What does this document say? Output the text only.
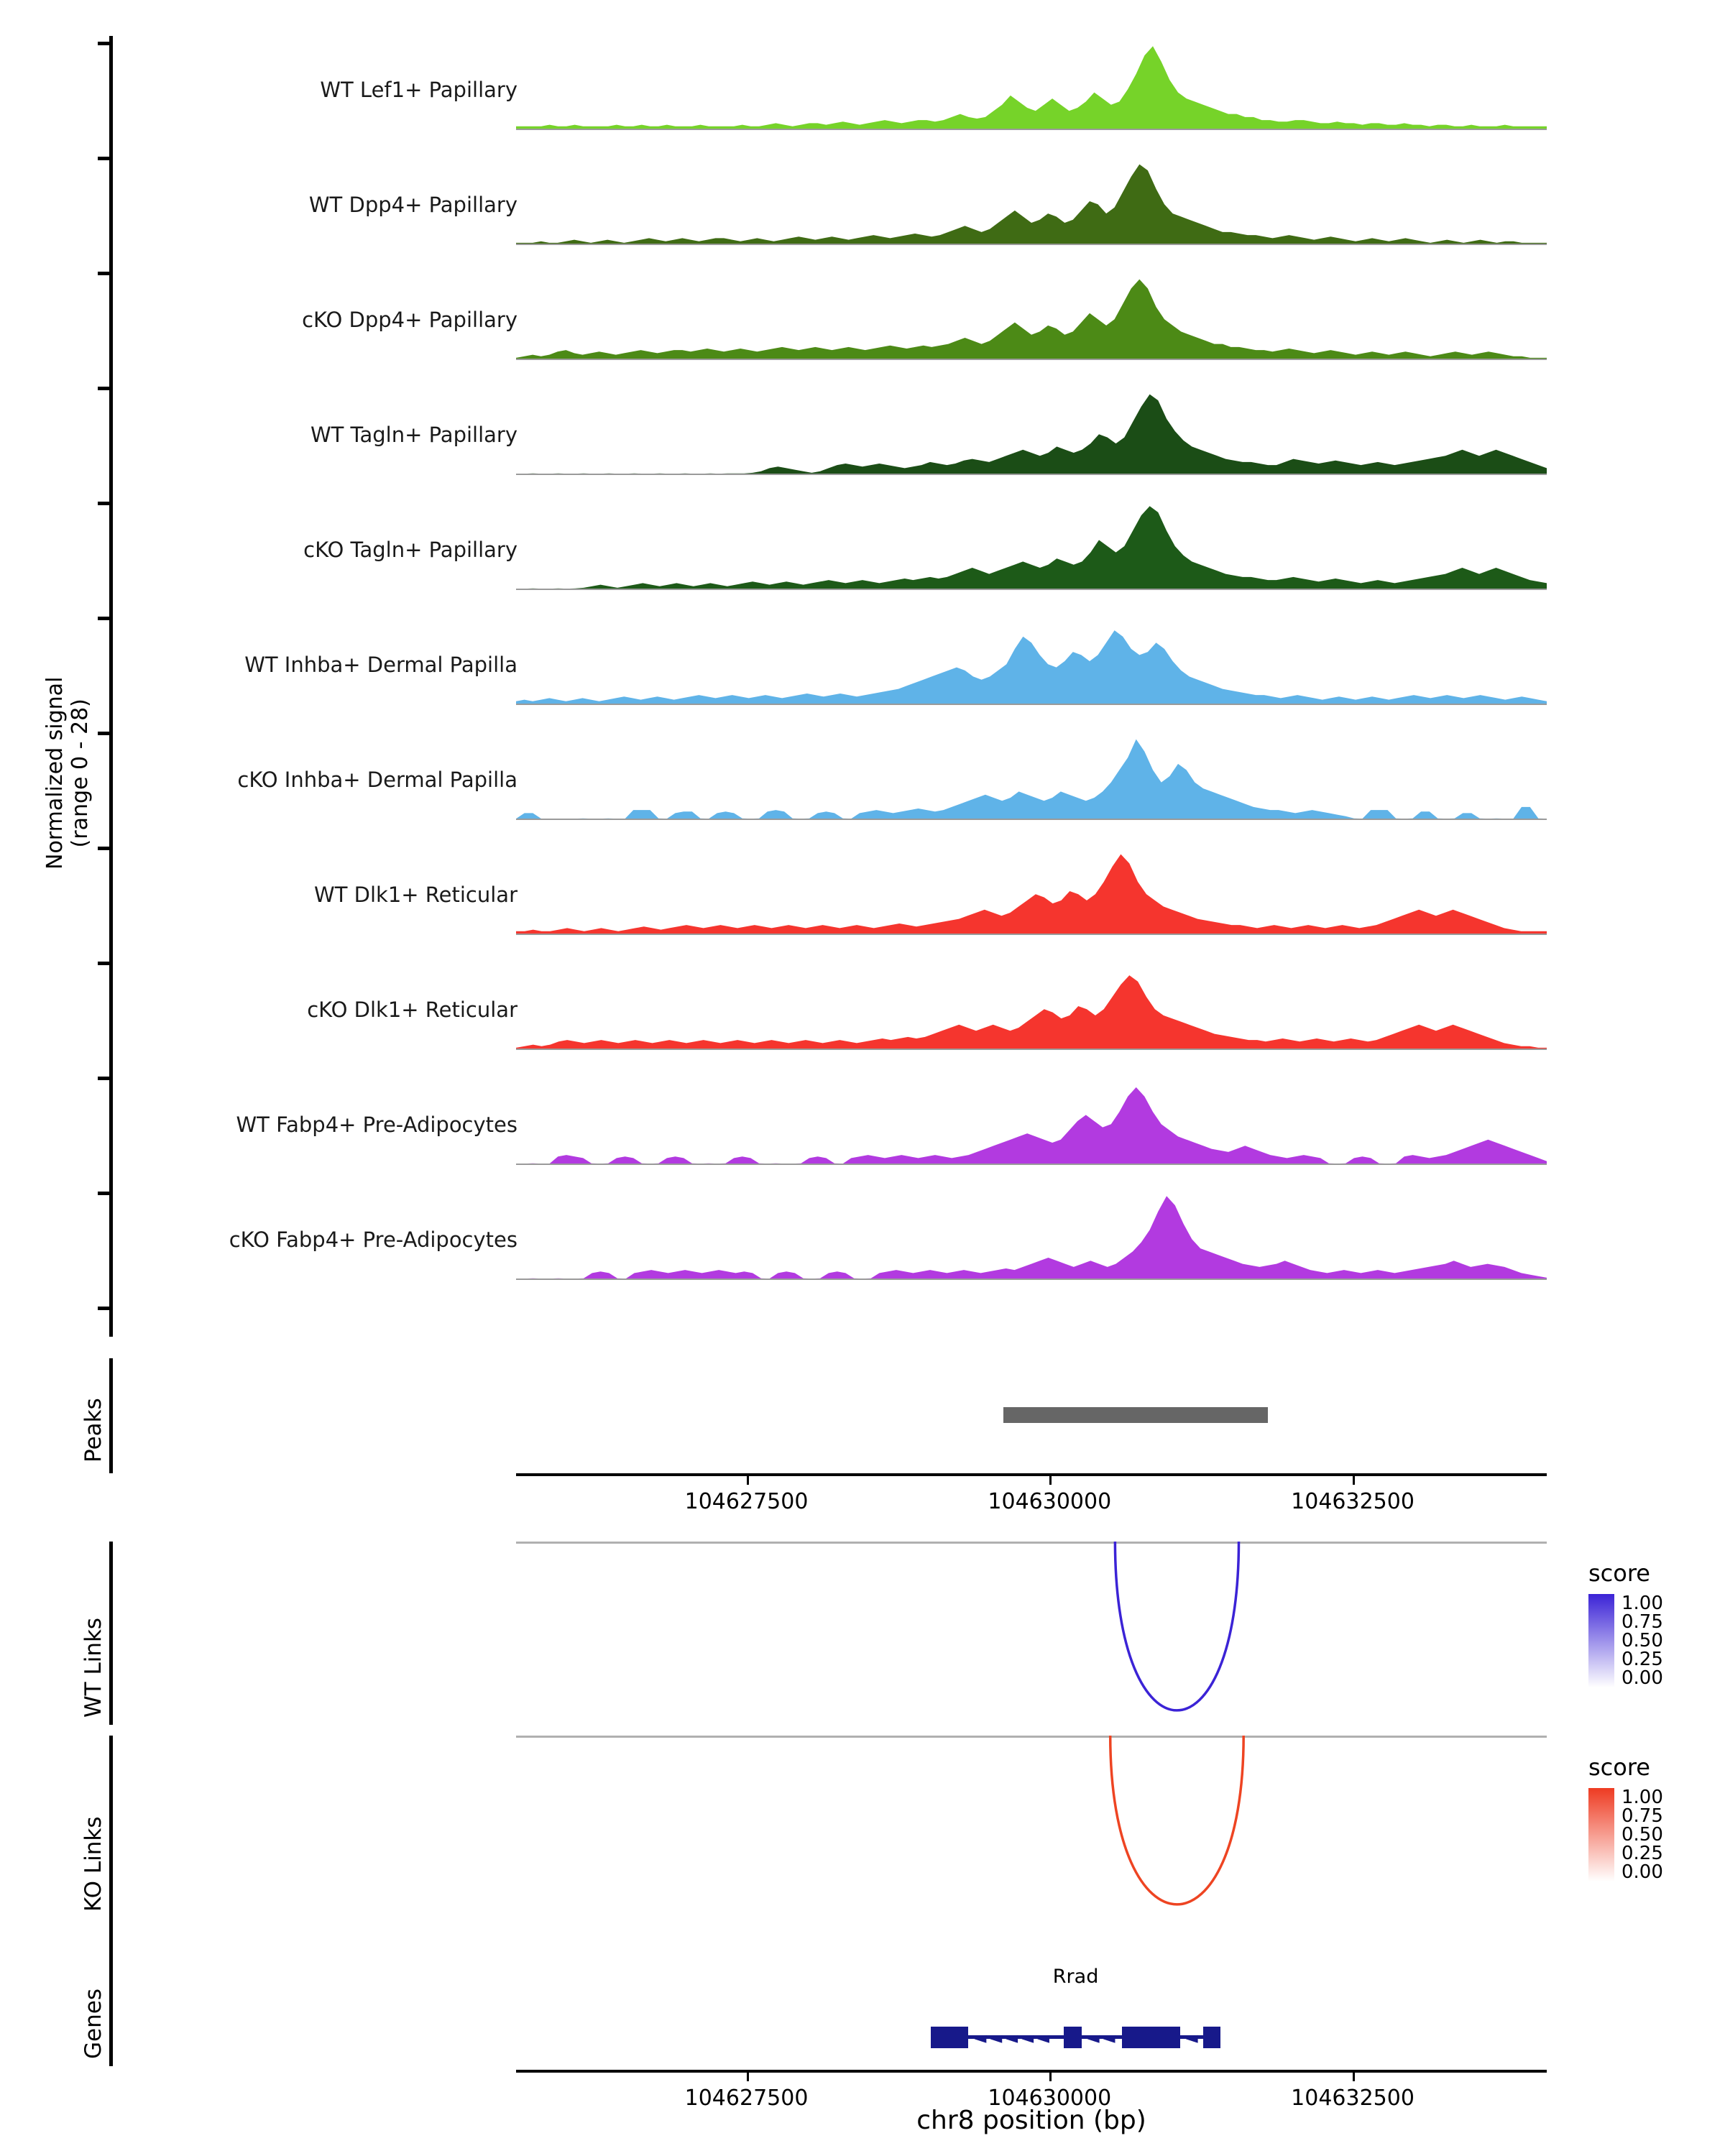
Normalized signal
(range 0 - 28)
WT Lef1+ Papillary
WT Dpp4+ Papillary
cKO Dpp4+ Papillary
WT Tagln+ Papillary
cKO Tagln+ Papillary
WT Inhba+ Dermal Papilla
cKO Inhba+ Dermal Papilla
WT Dlk1+ Reticular
cKO Dlk1+ Reticular
WT Fabp4+ Pre-Adipocytes
cKO Fabp4+ Pre-Adipocytes
Peaks
104627500	104630000	104632500
WT Links
score
1.00
0.75
0.50
0.25
0.00
KO Links
score
1.00
0.75
0.50
0.25
0.00
Genes
Rrad
◄◄◄◄◄ ◄◄	◄
104627500	104630000	104632500
chr8 position (bp)
